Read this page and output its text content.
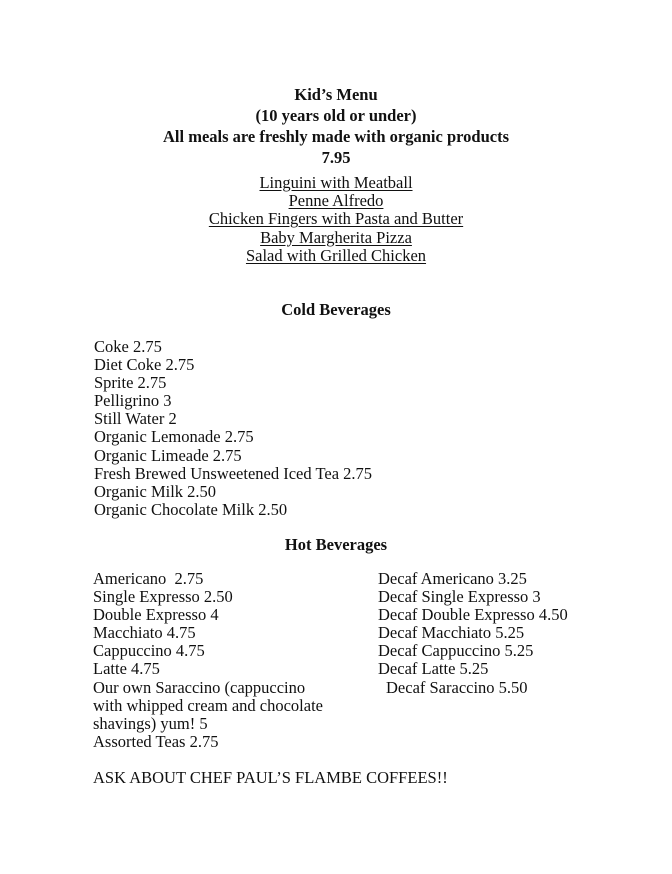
Kid’s Menu
(10 years old or under)
All meals are freshly made with organic products
7.95
Linguini with Meatball
Penne Alfredo
Chicken Fingers with Pasta and Butter
Baby Margherita Pizza
Salad with Grilled Chicken
Cold Beverages
Coke 2.75
Diet Coke 2.75
Sprite 2.75
Pelligrino 3
Still Water 2
Organic Lemonade 2.75
Organic Limeade 2.75
Fresh Brewed Unsweetened Iced Tea 2.75
Organic Milk 2.50
Organic Chocolate Milk 2.50
Hot Beverages
Americano  2.75
Single Expresso 2.50
Double Expresso 4
Macchiato 4.75
Cappuccino 4.75
Latte 4.75
Our own Saraccino (cappuccino
with whipped cream and chocolate
shavings) yum! 5
Assorted Teas 2.75
Decaf Americano 3.25
Decaf Single Expresso 3
Decaf Double Expresso 4.50
Decaf Macchiato 5.25
Decaf Cappuccino 5.25
Decaf Latte 5.25
Decaf Saraccino 5.50
ASK ABOUT CHEF PAUL’S FLAMBE COFFEES!!
